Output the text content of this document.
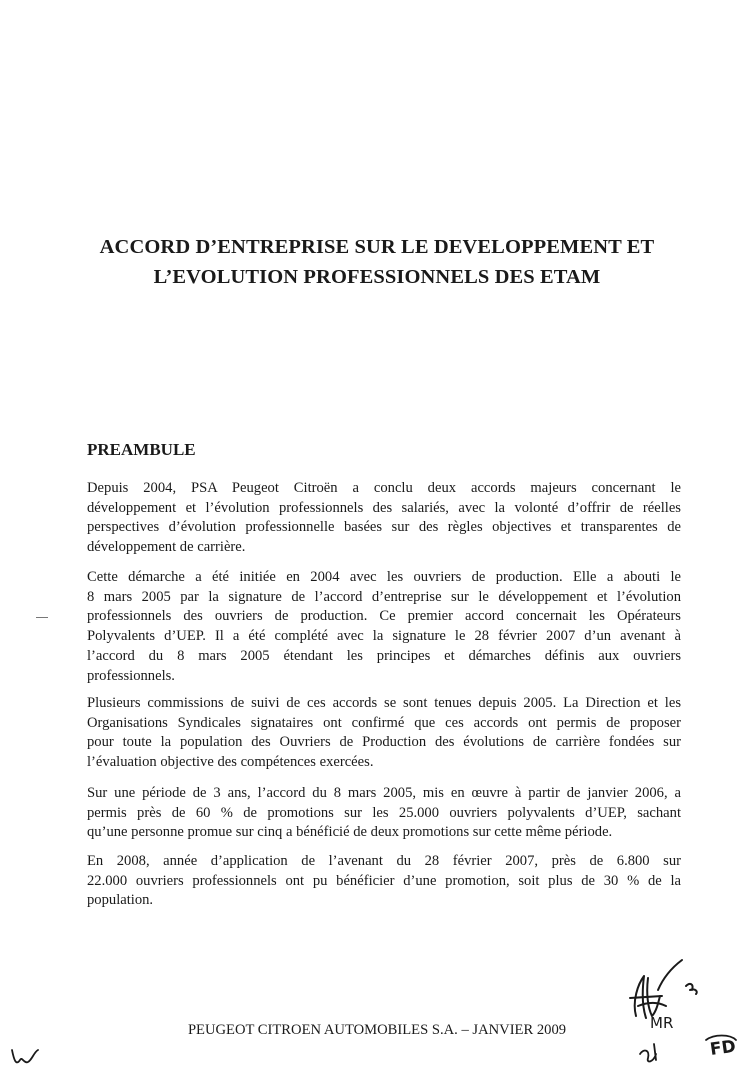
ACCORD D’ENTREPRISE SUR LE DEVELOPPEMENT ET
L’EVOLUTION PROFESSIONNELS DES ETAM
PREAMBULE
Depuis 2004, PSA Peugeot Citroën a conclu deux accords majeurs concernant le
développement et l’évolution professionnels des salariés, avec la volonté d’offrir de réelles
perspectives d’évolution professionnelle basées sur des règles objectives et transparentes de
développement de carrière.
Cette démarche a été initiée en 2004 avec les ouvriers de production. Elle a abouti le
8 mars 2005 par la signature de l’accord d’entreprise sur le développement et l’évolution
professionnels des ouvriers de production. Ce premier accord concernait les Opérateurs
Polyvalents d’UEP. Il a été complété avec la signature le 28 février 2007 d’un avenant à
l’accord du 8 mars 2005 étendant les principes et démarches définis aux ouvriers
professionnels.
Plusieurs commissions de suivi de ces accords se sont tenues depuis 2005. La Direction et les
Organisations Syndicales signataires ont confirmé que ces accords ont permis de proposer
pour toute la population des Ouvriers de Production des évolutions de carrière fondées sur
l’évaluation objective des compétences exercées.
Sur une période de 3 ans, l’accord du 8 mars 2005, mis en œuvre à partir de janvier 2006, a
permis près de 60 % de promotions sur les 25.000 ouvriers polyvalents d’UEP, sachant
qu’une personne promue sur cinq a bénéficié de deux promotions sur cette même période.
En 2008, année d’application de l’avenant du 28 février 2007, près de 6.800 sur
22.000 ouvriers professionnels ont pu bénéficier d’une promotion, soit plus de 30 % de la
population.
MR
FD
PEUGEOT CITROEN AUTOMOBILES S.A. – JANVIER 2009
